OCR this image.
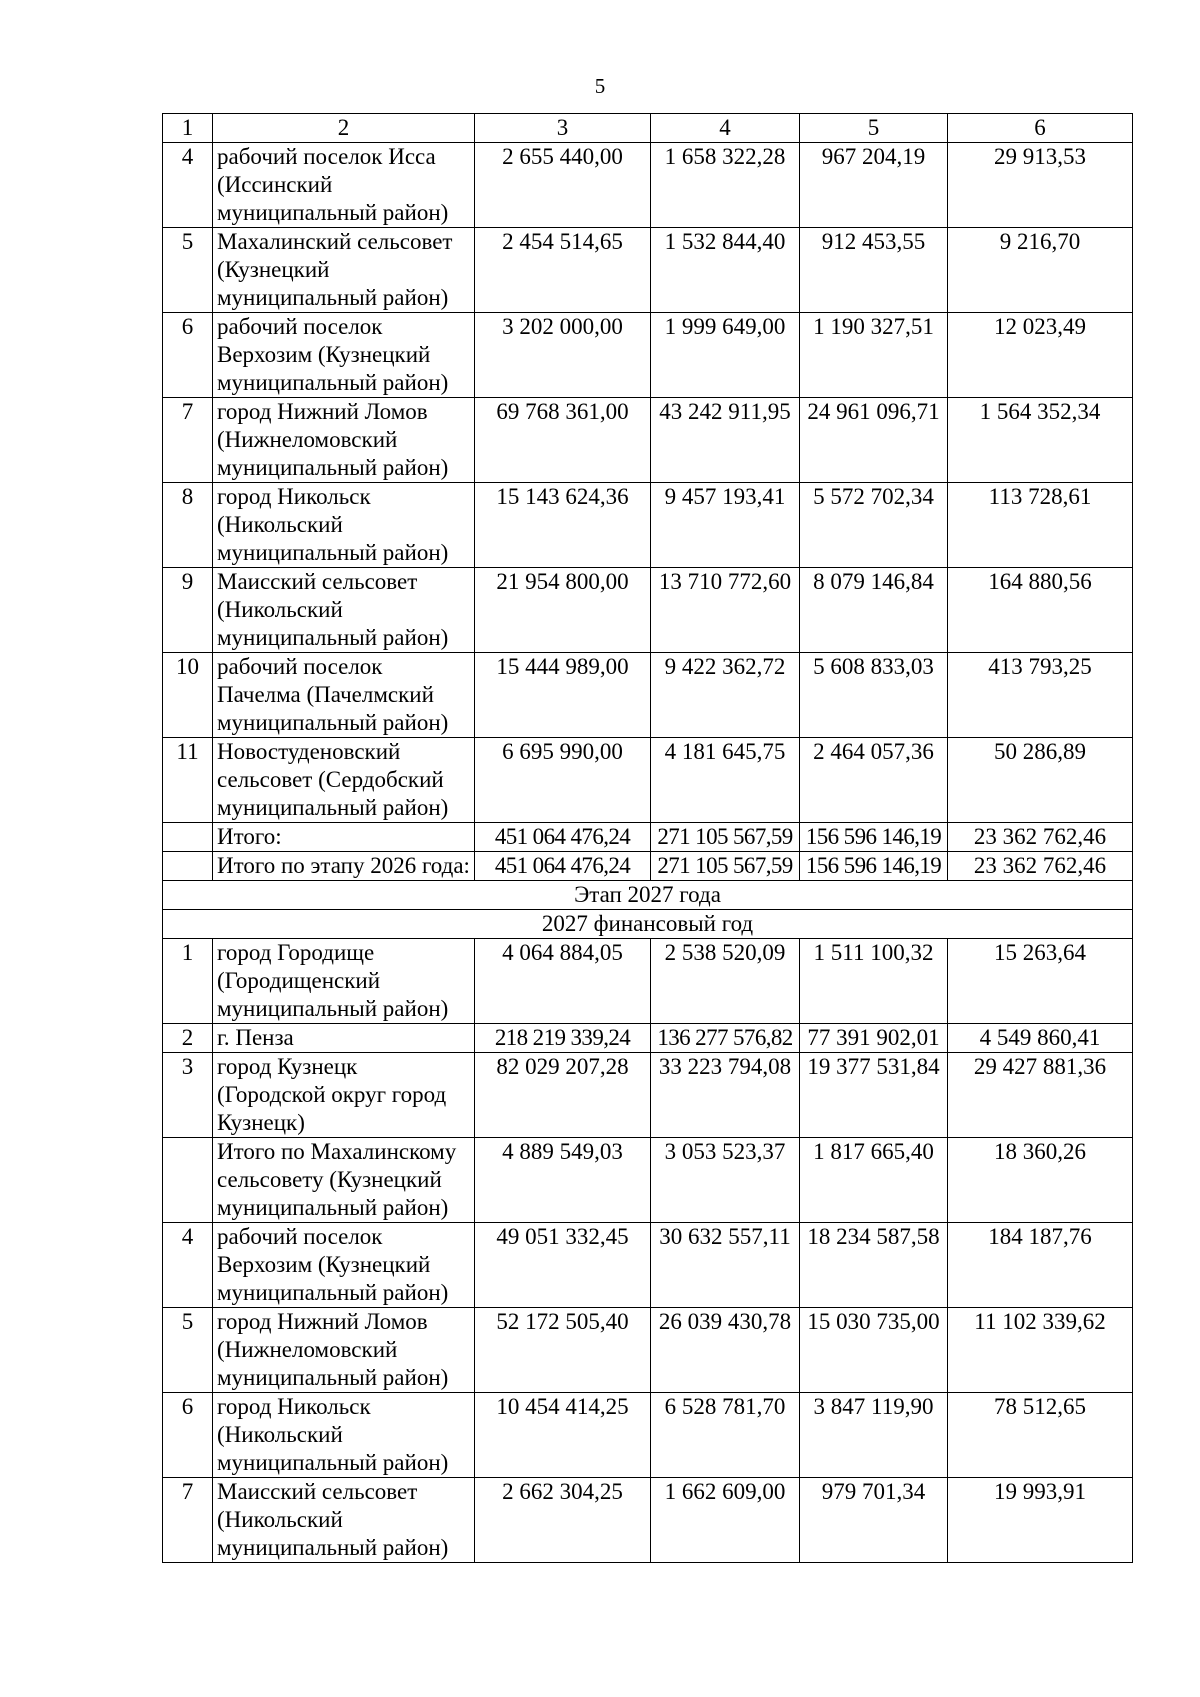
5
1	2	3	4	5	6
4	рабочий поселок Исса (Иссинский муниципальный район)	2 655 440,00	1 658 322,28	967 204,19	29 913,53
5	Махалинский сельсовет (Кузнецкий муниципальный район)	2 454 514,65	1 532 844,40	912 453,55	9 216,70
6	рабочий поселок Верхозим (Кузнецкий муниципальный район)	3 202 000,00	1 999 649,00	1 190 327,51	12 023,49
7	город Нижний Ломов (Нижнеломовский муниципальный район)	69 768 361,00	43 242 911,95	24 961 096,71	1 564 352,34
8	город Никольск (Никольский муниципальный район)	15 143 624,36	9 457 193,41	5 572 702,34	113 728,61
9	Маисский сельсовет (Никольский муниципальный район)	21 954 800,00	13 710 772,60	8 079 146,84	164 880,56
10	рабочий поселок Пачелма (Пачелмский муниципальный район)	15 444 989,00	9 422 362,72	5 608 833,03	413 793,25
11	Новостуденовский сельсовет (Сердобский муниципальный район)	6 695 990,00	4 181 645,75	2 464 057,36	50 286,89
	Итого:	451 064 476,24	271 105 567,59	156 596 146,19	23 362 762,46
	Итого по этапу 2026 года:	451 064 476,24	271 105 567,59	156 596 146,19	23 362 762,46
Этап 2027 года					
2027 финансовый год					
1	город Городище (Городищенский муниципальный район)	4 064 884,05	2 538 520,09	1 511 100,32	15 263,64
2	г. Пенза	218 219 339,24	136 277 576,82	77 391 902,01	4 549 860,41
3	город Кузнецк (Городской округ город Кузнецк)	82 029 207,28	33 223 794,08	19 377 531,84	29 427 881,36
	Итого по Махалинскому сельсовету (Кузнецкий муниципальный район)	4 889 549,03	3 053 523,37	1 817 665,40	18 360,26
4	рабочий поселок Верхозим (Кузнецкий муниципальный район)	49 051 332,45	30 632 557,11	18 234 587,58	184 187,76
5	город Нижний Ломов (Нижнеломовский муниципальный район)	52 172 505,40	26 039 430,78	15 030 735,00	11 102 339,62
6	город Никольск (Никольский муниципальный район)	10 454 414,25	6 528 781,70	3 847 119,90	78 512,65
7	Маисский сельсовет (Никольский муниципальный район)	2 662 304,25	1 662 609,00	979 701,34	19 993,91
